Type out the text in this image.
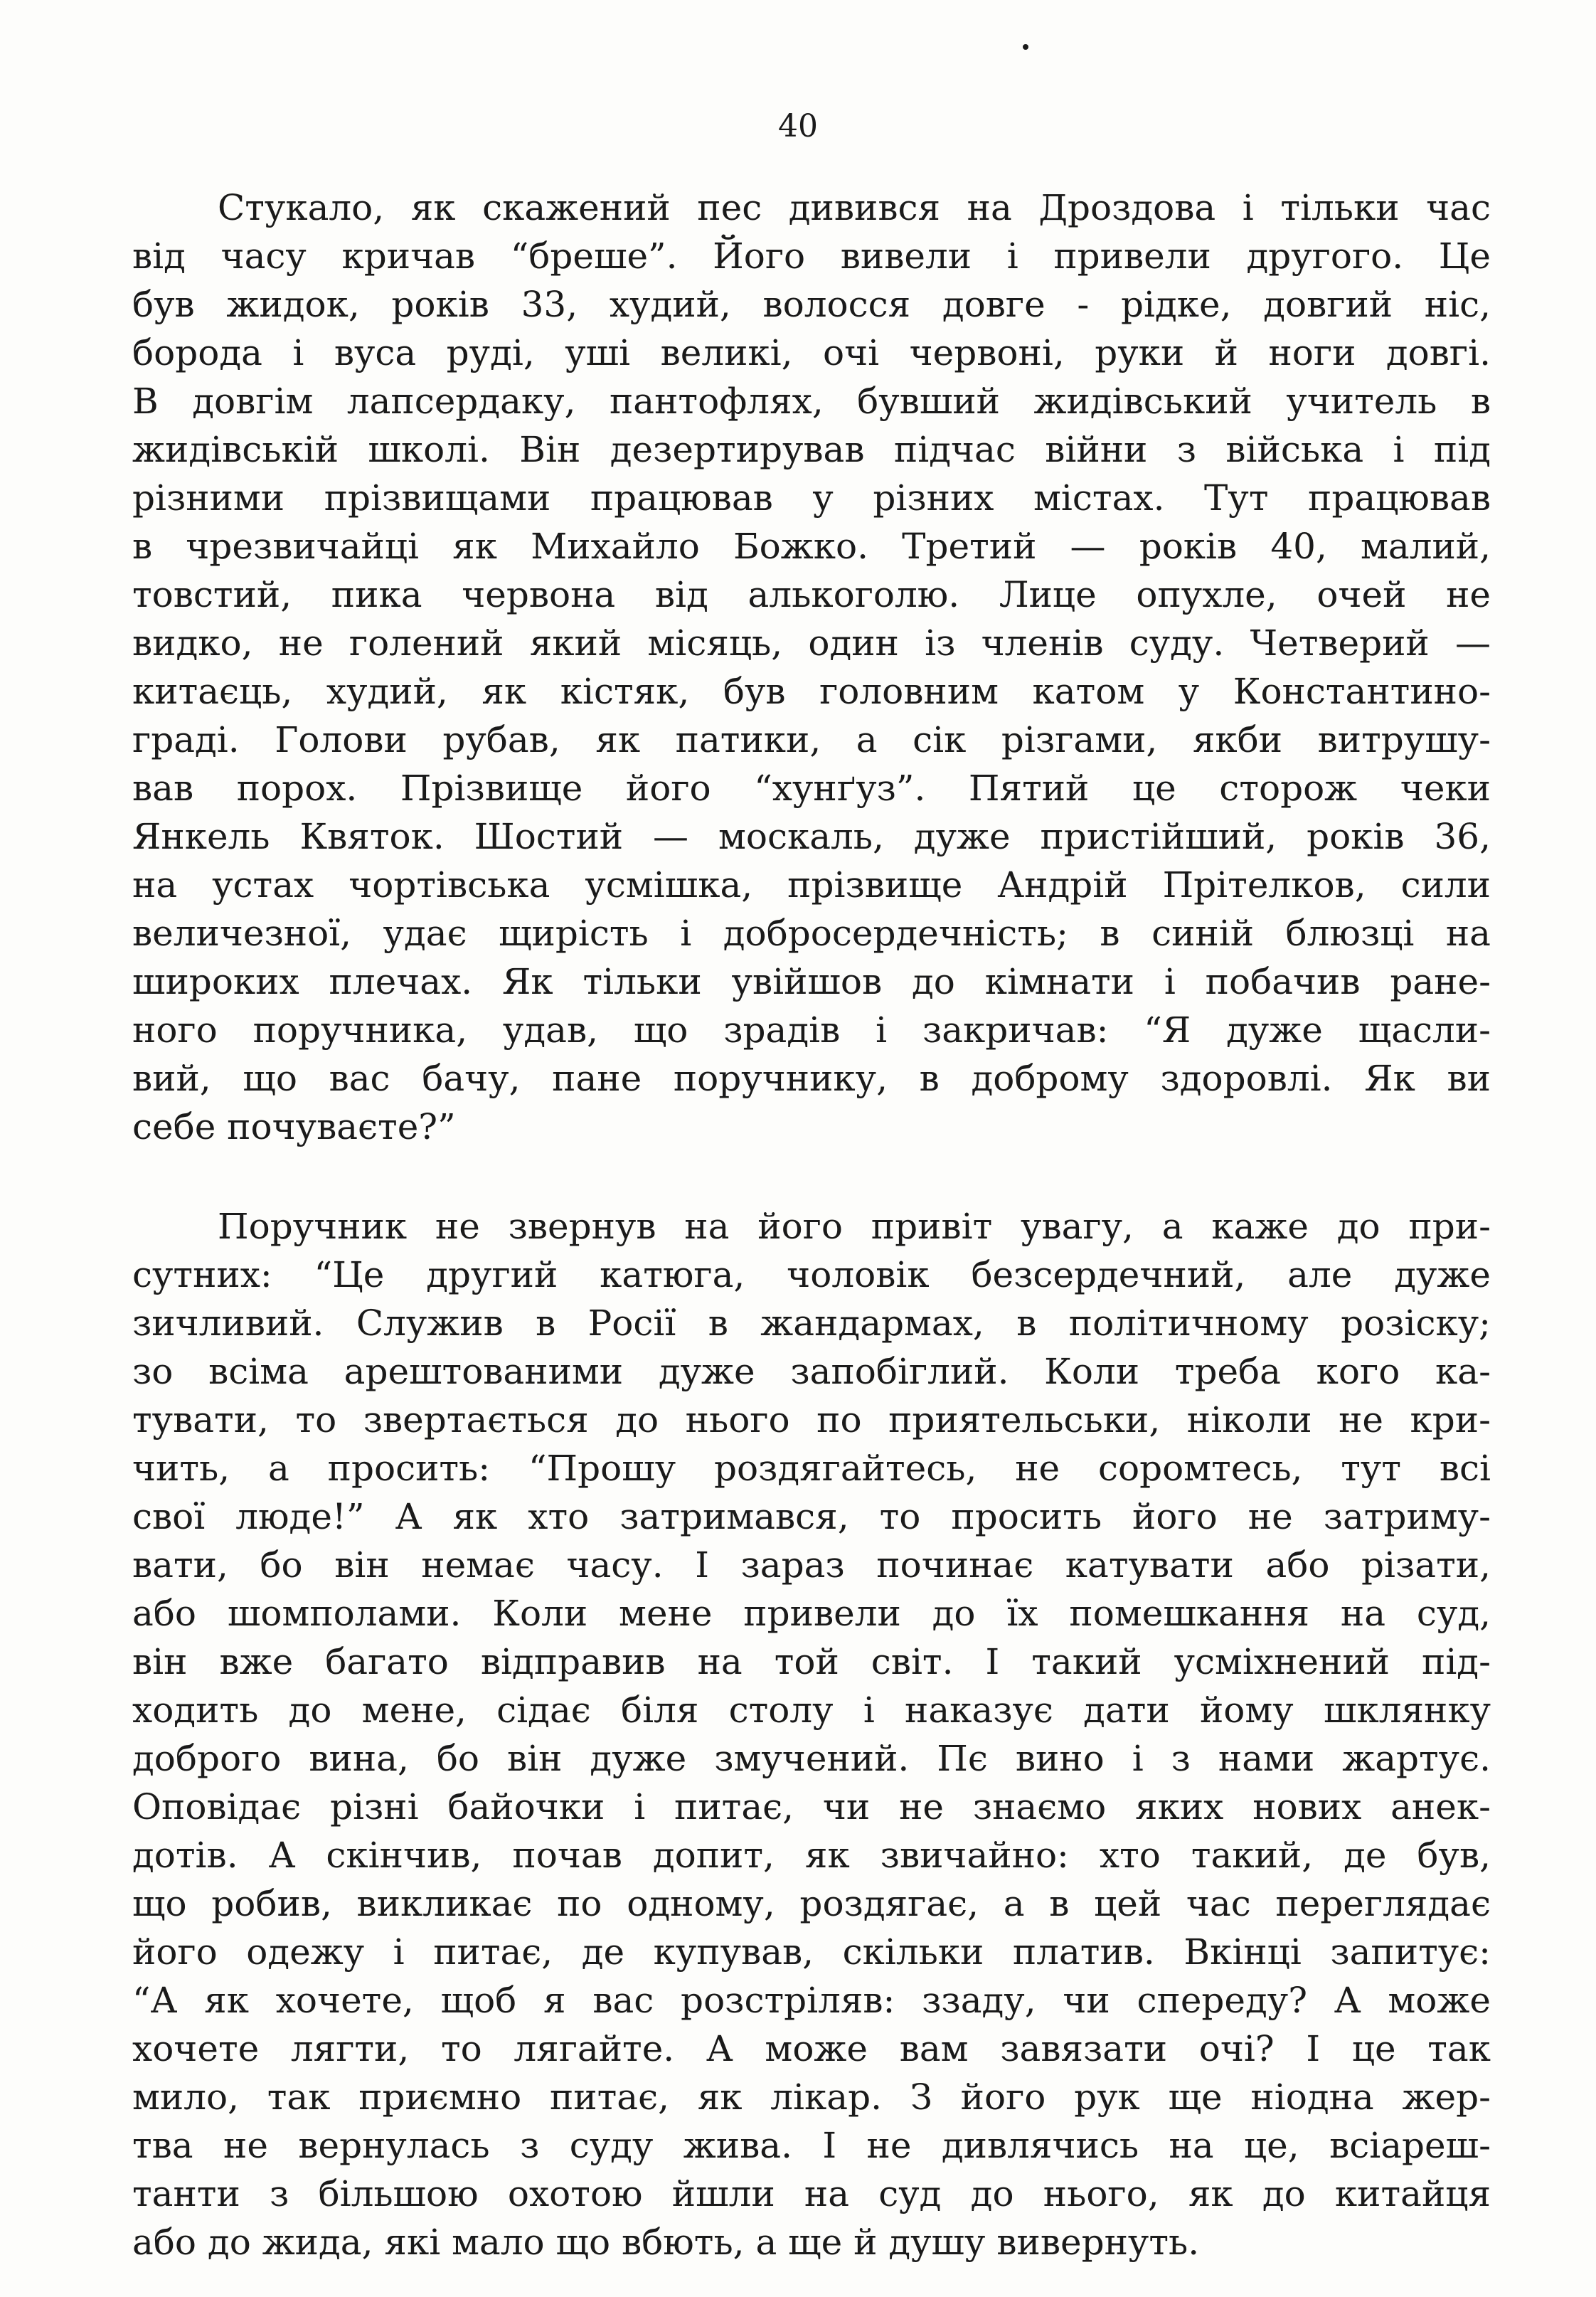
40
Стукало, як скажений пес дивився на Дроздова і тільки час
від часу кричав “бреше”. Його вивели і привели другого. Це
був жидок, років 33, худий, волосся довге - рідке, довгий ніс,
борода і вуса руді, уші великі, очі червоні, руки й ноги довгі.
В довгім лапсердаку, пантофлях, бувший жидівський учитель в
жидівській школі. Він дезертирував підчас війни з війська і під
різними прізвищами працював у різних містах. Тут працював
в чрезвичайці як Михайло Божко. Третий — років 40, малий,
товстий, пика червона від алькоголю. Лице опухле, очей не
видко, не голений який місяць, один із членів суду. Четверий —
китаєць, худий, як кістяк, був головним катом у Константино-
граді. Голови рубав, як патики, а сік різгами, якби витрушу-
вав порох. Прізвище його “хунґуз”. Пятий це сторож чеки
Янкель Квяток. Шостий — москаль, дуже пристійший, років 36,
на устах чортівська усмішка, прізвище Андрій Прітелков, сили
величезної, удає щирість і добросердечність; в синій блюзці на
широких плечах. Як тільки увійшов до кімнати і побачив ране-
ного поручника, удав, що зрадів і закричав: “Я дуже щасли-
вий, що вас бачу, пане поручнику, в доброму здоровлі. Як ви
себе почуваєте?”
Поручник не звернув на його привіт увагу, а каже до при-
сутних: “Це другий катюга, чоловік безсердечний, але дуже
зичливий. Служив в Росії в жандармах, в політичному розіску;
зо всіма арештованими дуже запобіглий. Коли треба кого ка-
тувати, то звертається до нього по приятельськи, ніколи не кри-
чить, а просить: “Прошу роздягайтесь, не соромтесь, тут всі
свої люде!” А як хто затримався, то просить його не затриму-
вати, бо він немає часу. І зараз починає катувати або різати,
або шомполами. Коли мене привели до їх помешкання на суд,
він вже багато відправив на той світ. І такий усміхнений під-
ходить до мене, сідає біля столу і наказує дати йому шклянку
доброго вина, бо він дуже змучений. Пє вино і з нами жартує.
Оповідає різні байочки і питає, чи не знаємо яких нових анек-
дотів. А скінчив, почав допит, як звичайно: хто такий, де був,
що робив, викликає по одному, роздягає, а в цей час переглядає
його одежу і питає, де купував, скільки платив. Вкінці запитує:
“А як хочете, щоб я вас розстріляв: ззаду, чи спереду? А може
хочете лягти, то лягайте. А може вам завязати очі? І це так
мило, так приємно питає, як лікар. З його рук ще ніодна жер-
тва не вернулась з суду жива. І не дивлячись на це, всіареш-
танти з більшою охотою йшли на суд до нього, як до китайця
або до жида, які мало що вбють, а ще й душу вивернуть.
